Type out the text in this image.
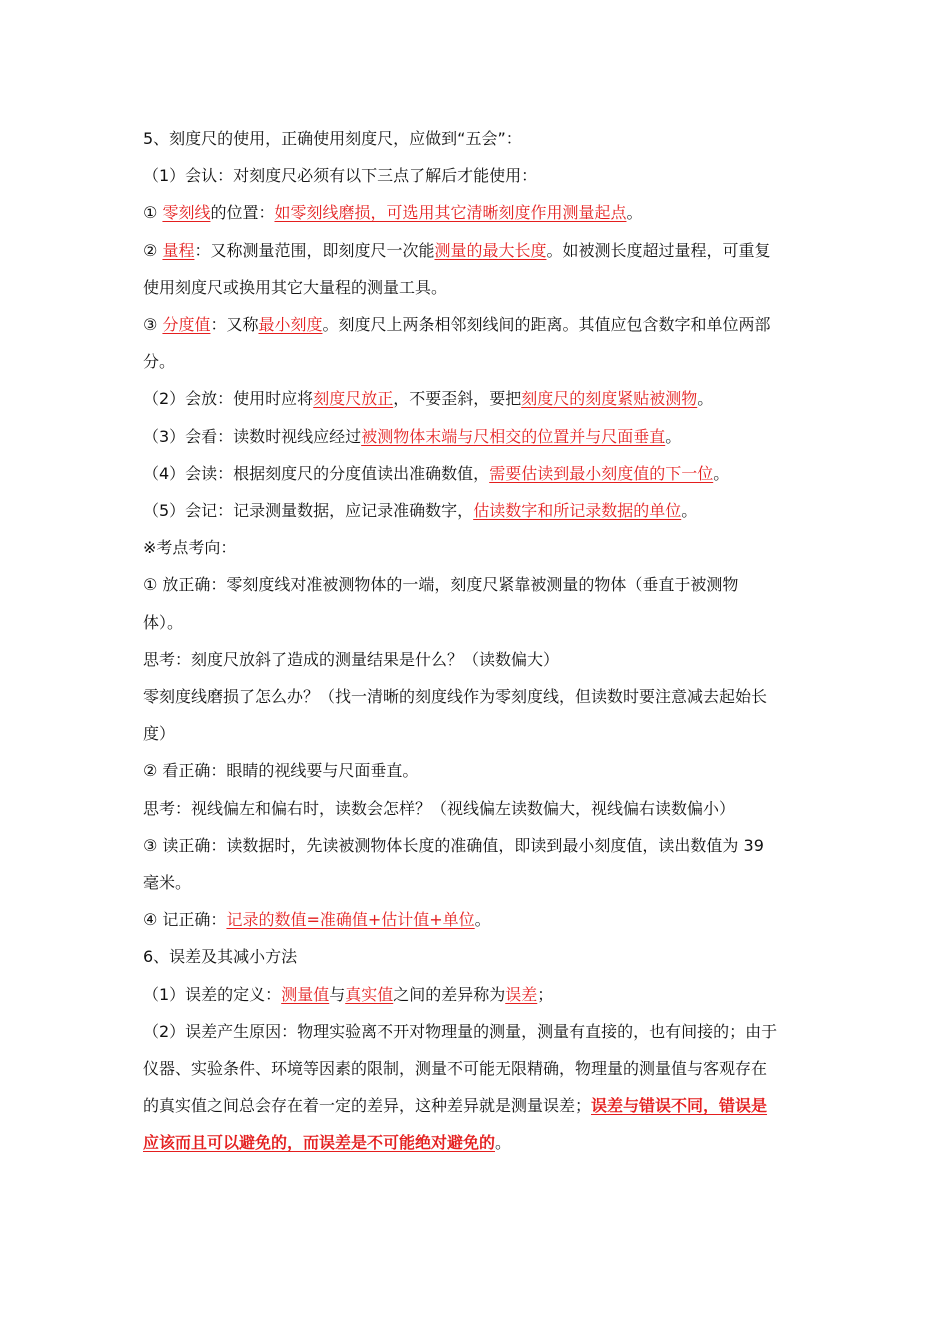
5、刻度尺的使用，正确使用刻度尺，应做到“五会”：
（1）会认：对刻度尺必须有以下三点了解后才能使用：
① 零刻线的位置：如零刻线磨损，可选用其它清晰刻度作用测量起点。
② 量程：又称测量范围，即刻度尺一次能测量的最大长度。如被测长度超过量程，可重复
使用刻度尺或换用其它大量程的测量工具。
③ 分度值：又称最小刻度。刻度尺上两条相邻刻线间的距离。其值应包含数字和单位两部
分。
（2）会放：使用时应将刻度尺放正，不要歪斜，要把刻度尺的刻度紧贴被测物。
（3）会看：读数时视线应经过被测物体末端与尺相交的位置并与尺面垂直。
（4）会读：根据刻度尺的分度值读出准确数值，需要估读到最小刻度值的下一位。
（5）会记：记录测量数据，应记录准确数字，估读数字和所记录数据的单位。
※考点考向：
① 放正确：零刻度线对准被测物体的一端，刻度尺紧靠被测量的物体（垂直于被测物
体）。
思考：刻度尺放斜了造成的测量结果是什么？（读数偏大）
零刻度线磨损了怎么办？（找一清晰的刻度线作为零刻度线，但读数时要注意减去起始长
度）
② 看正确：眼睛的视线要与尺面垂直。
思考：视线偏左和偏右时，读数会怎样？（视线偏左读数偏大，视线偏右读数偏小）
③ 读正确：读数据时，先读被测物体长度的准确值，即读到最小刻度值，读出数值为 39
毫米。
④ 记正确：记录的数值=准确值+估计值+单位。
6、误差及其减小方法
（1）误差的定义：测量值与真实值之间的差异称为误差；
（2）误差产生原因：物理实验离不开对物理量的测量，测量有直接的，也有间接的；由于
仪器、实验条件、环境等因素的限制，测量不可能无限精确，物理量的测量值与客观存在
的真实值之间总会存在着一定的差异，这种差异就是测量误差；误差与错误不同，错误是
应该而且可以避免的，而误差是不可能绝对避免的。
